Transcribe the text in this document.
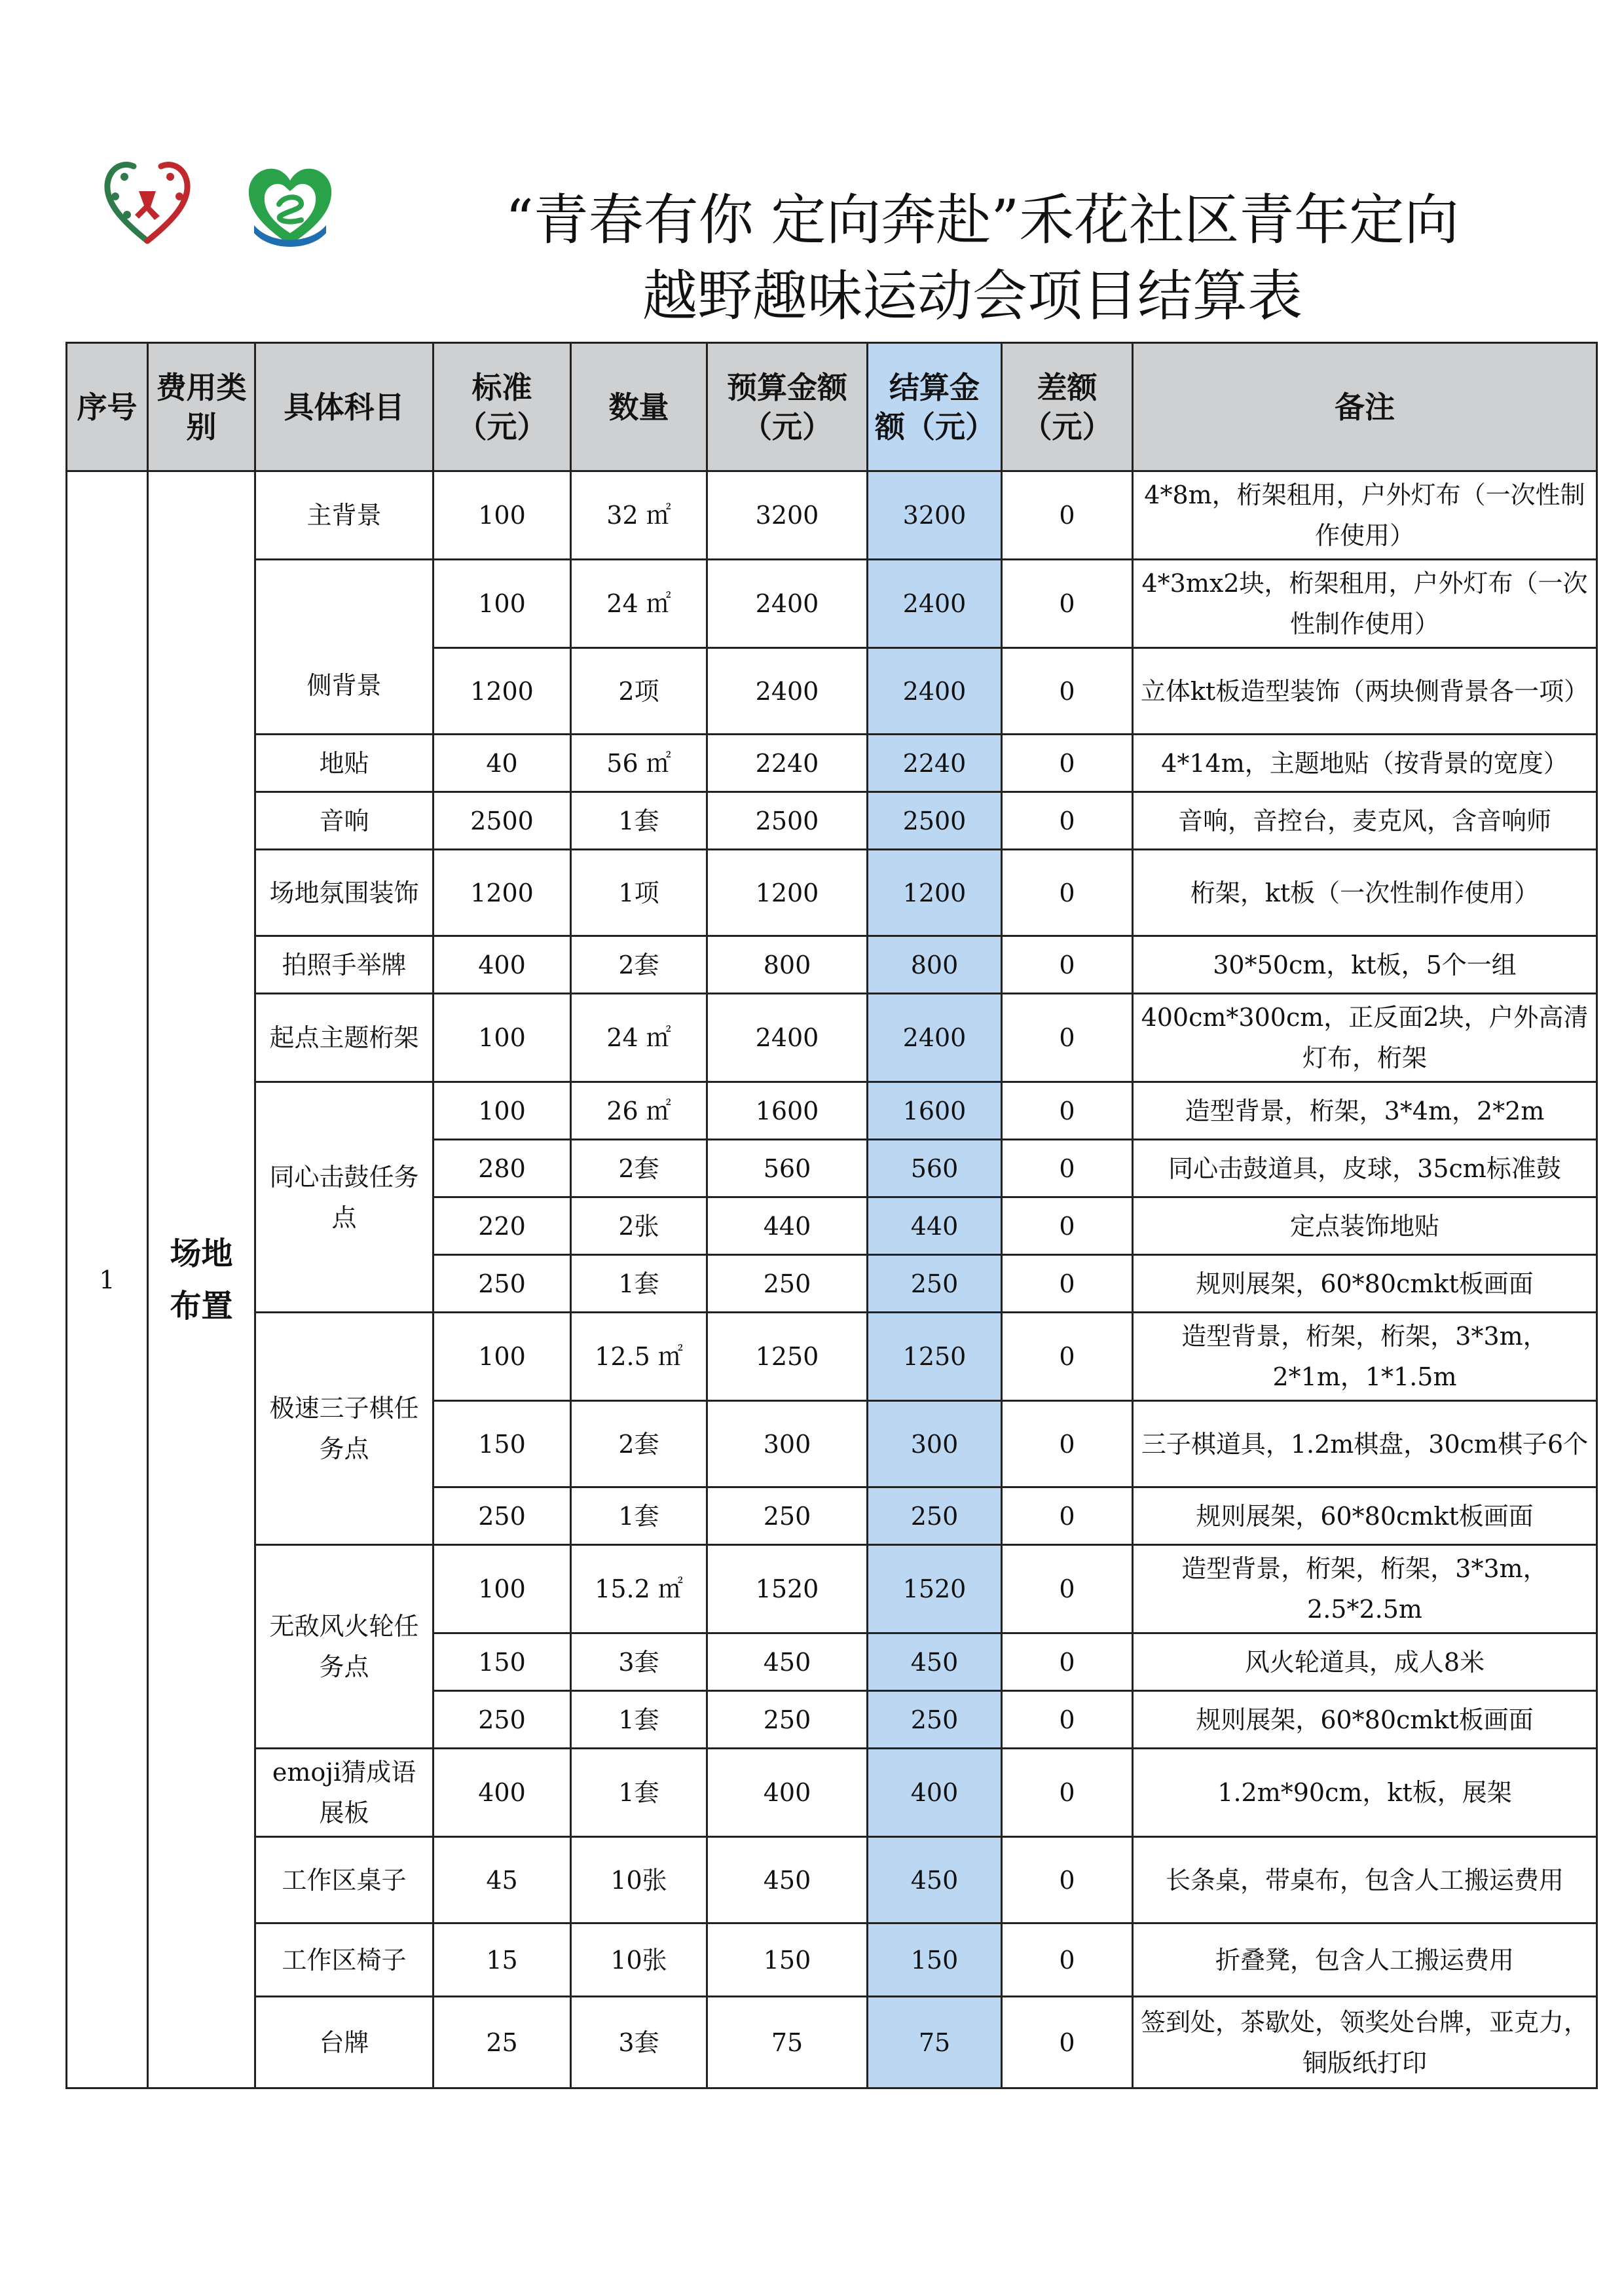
“青春有你 定向奔赴”禾花社区青年定向
越野趣味运动会项目结算表
序号	费用类别	具体科目	标准（元）	数量	预算金额（元）	结算金额（元）	差额（元）	备注
1	场地布置	主背景	100	32 ㎡	3200	3200	0	4*8m，桁架租用，户外灯布（一次性制作使用）
		侧背景	100	24 ㎡	2400	2400	0	4*3mx2块，桁架租用，户外灯布（一次性制作使用）
			1200	2项	2400	2400	0	立体kt板造型装饰（两块侧背景各一项）
		地贴	40	56 ㎡	2240	2240	0	4*14m，主题地贴（按背景的宽度）
		音响	2500	1套	2500	2500	0	音响，音控台，麦克风，含音响师
		场地氛围装饰	1200	1项	1200	1200	0	桁架，kt板（一次性制作使用）
		拍照手举牌	400	2套	800	800	0	30*50cm，kt板，5个一组
		起点主题桁架	100	24 ㎡	2400	2400	0	400cm*300cm，正反面2块，户外高清灯布，桁架
		同心击鼓任务点	100	26 ㎡	1600	1600	0	造型背景，桁架，3*4m，2*2m
			280	2套	560	560	0	同心击鼓道具，皮球，35cm标准鼓
			220	2张	440	440	0	定点装饰地贴
			250	1套	250	250	0	规则展架，60*80cmkt板画面
		极速三子棋任务点	100	12.5 ㎡	1250	1250	0	造型背景，桁架，桁架，3*3m，2*1m，1*1.5m
			150	2套	300	300	0	三子棋道具，1.2m棋盘，30cm棋子6个
			250	1套	250	250	0	规则展架，60*80cmkt板画面
		无敌风火轮任务点	100	15.2 ㎡	1520	1520	0	造型背景，桁架，桁架，3*3m，2.5*2.5m
			150	3套	450	450	0	风火轮道具，成人8米
			250	1套	250	250	0	规则展架，60*80cmkt板画面
		emoji猜成语展板	400	1套	400	400	0	1.2m*90cm，kt板，展架
		工作区桌子	45	10张	450	450	0	长条桌，带桌布，包含人工搬运费用
		工作区椅子	15	10张	150	150	0	折叠凳，包含人工搬运费用
		台牌	25	3套	75	75	0	签到处，茶歇处，领奖处台牌，亚克力，铜版纸打印
